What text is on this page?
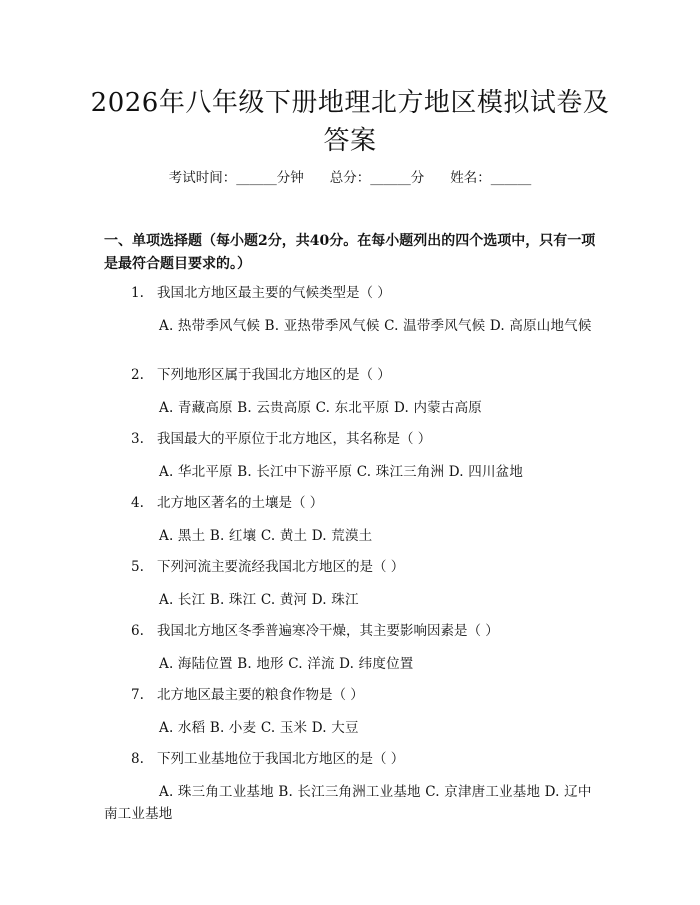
2026年八年级下册地理北方地区模拟试卷及答案
考试时间：______分钟 总分：______分 姓名：______
一、单项选择题（每小题2分，共40分。在每小题列出的四个选项中，只有一项是最符合题目要求的。）
1. 我国北方地区最主要的气候类型是（ ）
A. 热带季风气候 B. 亚热带季风气候 C. 温带季风气候 D. 高原山地气候
2. 下列地形区属于我国北方地区的是（ ）
A. 青藏高原 B. 云贵高原 C. 东北平原 D. 内蒙古高原
3. 我国最大的平原位于北方地区，其名称是（ ）
A. 华北平原 B. 长江中下游平原 C. 珠江三角洲 D. 四川盆地
4. 北方地区著名的土壤是（ ）
A. 黑土 B. 红壤 C. 黄土 D. 荒漠土
5. 下列河流主要流经我国北方地区的是（ ）
A. 长江 B. 珠江 C. 黄河 D. 珠江
6. 我国北方地区冬季普遍寒冷干燥，其主要影响因素是（ ）
A. 海陆位置 B. 地形 C. 洋流 D. 纬度位置
7. 北方地区最主要的粮食作物是（ ）
A. 水稻 B. 小麦 C. 玉米 D. 大豆
8. 下列工业基地位于我国北方地区的是（ ）
A. 珠三角工业基地 B. 长江三角洲工业基地 C. 京津唐工业基地 D. 辽中南工业基地
